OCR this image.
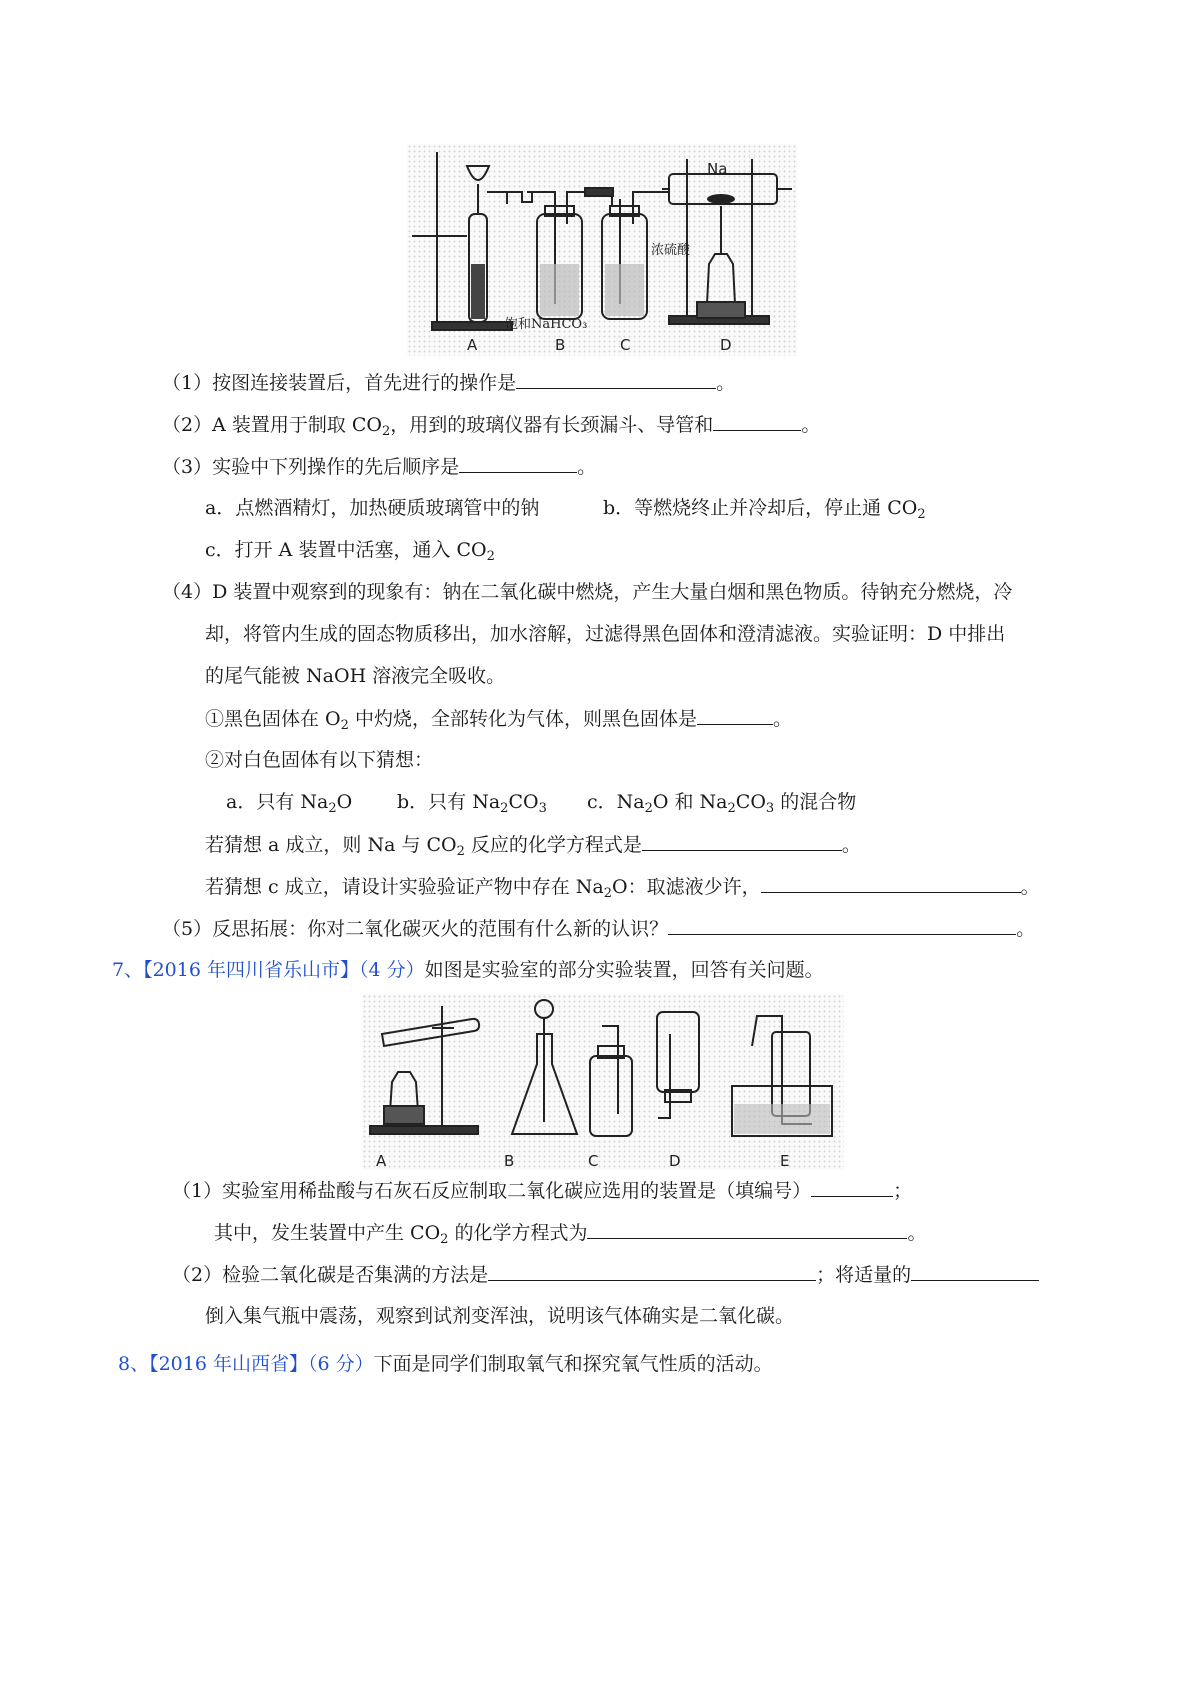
Na
浓硫酸
饱和NaHCO₃
A	B	C	D
（1）按图连接装置后，首先进行的操作是	。
（2）A 装置用于制取 $CO_2$，用到的玻璃仪器有长颈漏斗、导管和	。
（3）实验中下列操作的先后顺序是	。
a．点燃酒精灯，加热硬质玻璃管中的钠	b．等燃烧终止并冷却后，停止通 $CO_2$
c．打开 A 装置中活塞，通入 $CO_2$
（4）D 装置中观察到的现象有：钠在二氧化碳中燃烧，产生大量白烟和黑色物质。待钠充分燃烧，冷
却，将管内生成的固态物质移出，加水溶解，过滤得黑色固体和澄清滤液。实验证明：D 中排出
的尾气能被 NaOH 溶液完全吸收。
①黑色固体在 $O_2$ 中灼烧，全部转化为气体，则黑色固体是	。
②对白色固体有以下猜想：
a．只有 $Na_2O$ b．只有 $Na_2CO_3$ c．$Na_2O$ 和 $Na_2CO_3$ 的混合物
若猜想 a 成立，则 Na 与 $CO_2$ 反应的化学方程式是	。
若猜想 c 成立，请设计实验验证产物中存在 $Na_2O$：取滤液少许，	。
（5）反思拓展：你对二氧化碳灭火的范围有什么新的认识？	。
7、【2016 年四川省乐山市】（4 分）如图是实验室的部分实验装置，回答有关问题。
A	B	C	D	E
（1）实验室用稀盐酸与石灰石反应制取二氧化碳应选用的装置是（填编号）	；
其中，发生装置中产生 $CO_2$ 的化学方程式为	。
（2）检验二氧化碳是否集满的方法是	；将适量的
倒入集气瓶中震荡，观察到试剂变浑浊，说明该气体确实是二氧化碳。
8、【2016 年山西省】（6 分）下面是同学们制取氧气和探究氧气性质的活动。
